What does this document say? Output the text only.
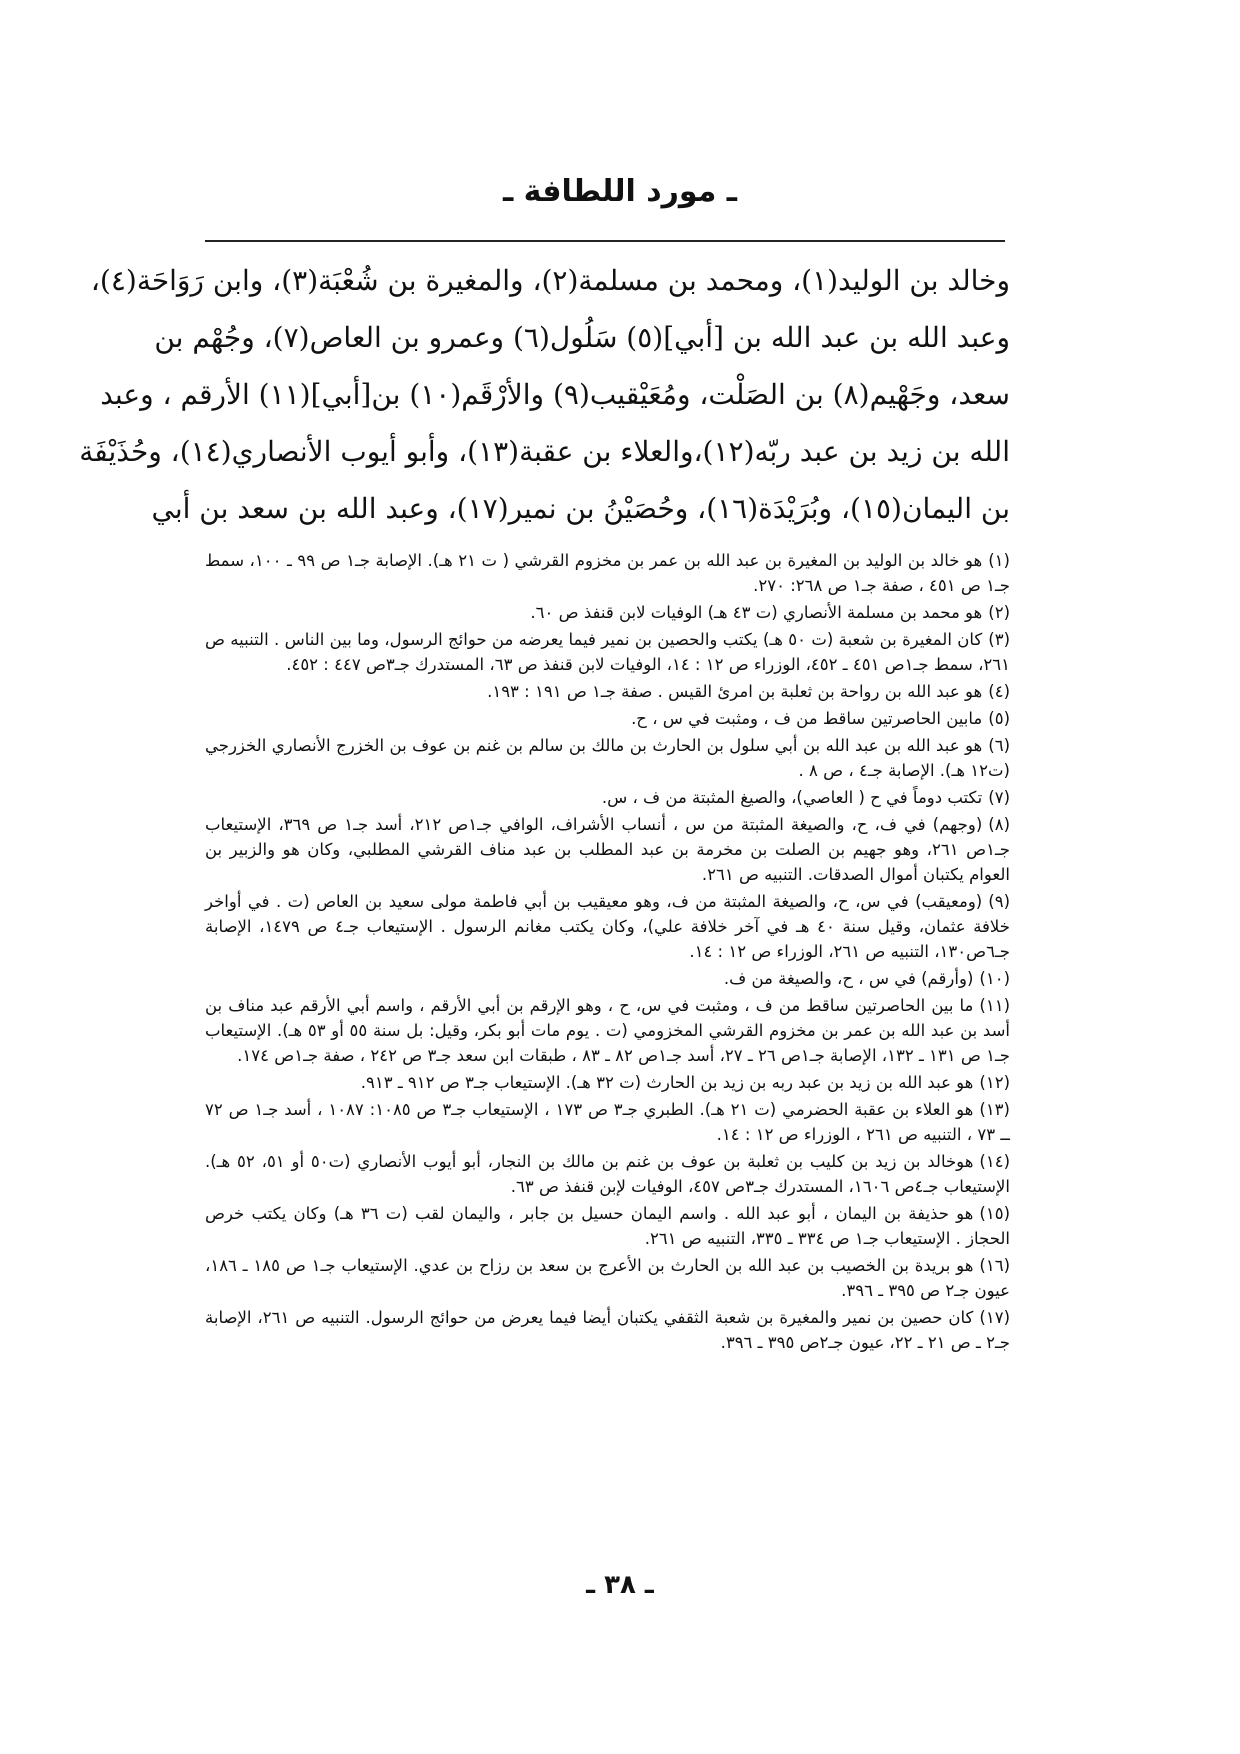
ـ مورد اللطافة ـ
وخالد بن الوليد(١)، ومحمد بن مسلمة(٢)، والمغيرة بن شُعْبَة(٣)، وابن رَوَاحَة(٤)،
وعبد الله بن عبد الله بن [أبي](٥) سَلُول(٦) وعمرو بن العاص(٧)، وجُهْم بن
سعد، وجَهْيم(٨) بن الصَلْت، ومُعَيْقيب(٩) والأرْقَم(١٠) بن[أبي](١١) الأرقم ، وعبد
الله بن زيد بن عبد ربّه(١٢)،والعلاء بن عقبة(١٣)، وأبو أيوب الأنصاري(١٤)، وحُذَيْفَة
بن اليمان(١٥)، وبُرَيْدَة(١٦)، وحُصَيْنُ بن نمير(١٧)، وعبد الله بن سعد بن أبي
(١)هو خالد بن الوليد بن المغيرة بن عبد الله بن عمر بن مخزوم القرشي ( ت ٢١ هـ). الإصابة جـ١ ص ٩٩ ـ ١٠٠، سمط جـ١ ص ٤٥١ ، صفة جـ١ ص ٢٦٨: ٢٧٠.
(٢)هو محمد بن مسلمة الأنصاري (ت ٤٣ هـ) الوفيات لابن قنفذ ص ٦٠.
(٣)كان المغيرة بن شعبة (ت ٥٠ هـ) يكتب والحصين بن نمير فيما يعرضه من حوائج الرسول، وما بين الناس . التنبيه ص ٢٦١، سمط جـ١ص ٤٥١ ـ ٤٥٢، الوزراء ص ١٢ : ١٤، الوفيات لابن قنفذ ص ٦٣، المستدرك جـ٣ص ٤٤٧ : ٤٥٢.
(٤)هو عبد الله بن رواحة بن ثعلبة بن امرئ القيس . صفة جـ١ ص ١٩١ : ١٩٣.
(٥)مابين الحاصرتين ساقط من ف ، ومثبت في س ، ح.
(٦)هو عبد الله بن عبد الله بن أبي سلول بن الحارث بن مالك بن سالم بن غنم بن عوف بن الخزرج الأنصاري الخزرجي (ت١٢ هـ). الإصابة جـ٤ ، ص ٨ .
(٧)تكتب دوماً في ح ( العاصي)، والصيغ المثبتة من ف ، س.
(٨)(وجهم) في ف، ح، والصيغة المثبتة من س ، أنساب الأشراف، الوافي جـ١ص ٢١٢، أسد جـ١ ص ٣٦٩، الإستيعاب جـ١ص ٢٦١، وهو جهيم بن الصلت بن مخرمة بن عبد المطلب بن عبد مناف القرشي المطلبي، وكان هو والزبير بن العوام يكتبان أموال الصدقات. التنبيه ص ٢٦١.
(٩)(ومعيقب) في س، ح، والصيغة المثبتة من ف، وهو معيقيب بن أبي فاطمة مولى سعيد بن العاص (ت . في أواخر خلافة عثمان، وقيل سنة ٤٠ هـ في آخر خلافة علي)، وكان يكتب مغانم الرسول . الإستيعاب جـ٤ ص ١٤٧٩، الإصابة جـ٦ص١٣٠، التنبيه ص ٢٦١، الوزراء ص ١٢ : ١٤.
(١٠)(وأرقم) في س ، ح، والصيغة من ف.
(١١)ما بين الحاصرتين ساقط من ف ، ومثبت في س، ح ، وهو الإرقم بن أبي الأرقم ، واسم أبي الأرقم عبد مناف بن أسد بن عبد الله بن عمر بن مخزوم القرشي المخزومي (ت . يوم مات أبو بكر، وقيل: بل سنة ٥٥ أو ٥٣ هـ). الإستيعاب جـ١ ص ١٣١ ـ ١٣٢، الإصابة جـ١ص ٢٦ ـ ٢٧، أسد جـ١ص ٨٢ ـ ٨٣ ، طبقات ابن سعد جـ٣ ص ٢٤٢ ، صفة جـ١ص ١٧٤.
(١٢)هو عبد الله بن زيد بن عبد ربه بن زيد بن الحارث (ت ٣٢ هـ). الإستيعاب جـ٣ ص ٩١٢ ـ ٩١٣.
(١٣)هو العلاء بن عقبة الحضرمي (ت ٢١ هـ). الطبري جـ٣ ص ١٧٣ ، الإستيعاب جـ٣ ص ١٠٨٥: ١٠٨٧ ، أسد جـ١ ص ٧٢ ــ ٧٣ ، التنبيه ص ٢٦١ ، الوزراء ص ١٢ : ١٤.
(١٤)هوخالد بن زيد بن كليب بن ثعلبة بن عوف بن غنم بن مالك بن النجار، أبو أيوب الأنصاري (ت٥٠ أو ٥١، ٥٢ هـ). الإستيعاب جـ٤ص ١٦٠٦، المستدرك جـ٣ص ٤٥٧، الوفيات لإبن قنفذ ص ٦٣.
(١٥)هو حذيفة بن اليمان ، أبو عبد الله . واسم اليمان حسيل بن جابر ، واليمان لقب (ت ٣٦ هـ) وكان يكتب خرص الحجاز . الإستيعاب جـ١ ص ٣٣٤ ـ ٣٣٥، التنبيه ص ٢٦١.
(١٦)هو بريدة بن الخصيب بن عبد الله بن الحارث بن الأعرج بن سعد بن رزاح بن عدي. الإستيعاب جـ١ ص ١٨٥ ـ ١٨٦، عيون جـ٢ ص ٣٩٥ ـ ٣٩٦.
(١٧)كان حصين بن نمير والمغيرة بن شعبة الثقفي يكتبان أيضا فيما يعرض من حوائج الرسول. التنبيه ص ٢٦١، الإصابة جـ٢ ـ ص ٢١ ـ ٢٢، عيون جـ٢ص ٣٩٥ ـ ٣٩٦.
ـ ٣٨ ـ
